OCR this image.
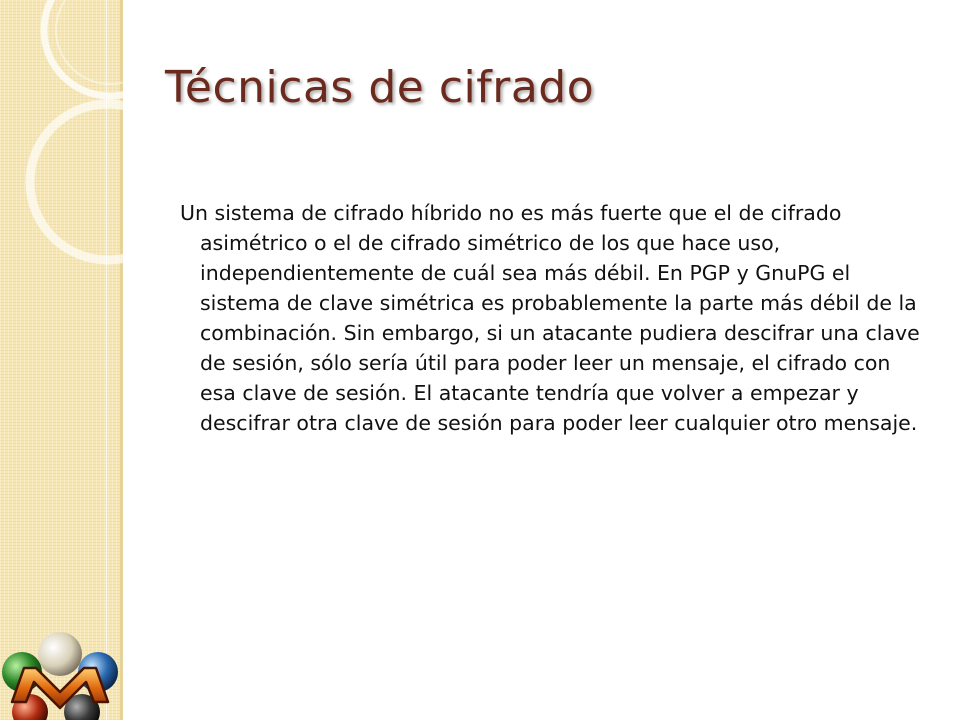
Técnicas de cifrado

Un sistema de cifrado híbrido no es más fuerte que el de cifrado asimétrico o el de cifrado simétrico de los que hace uso, independientemente de cuál sea más débil. En PGP y GnuPG el sistema de clave simétrica es probablemente la parte más débil de la combinación. Sin embargo, si un atacante pudiera descifrar una clave de sesión, sólo sería útil para poder leer un mensaje, el cifrado con esa clave de sesión. El atacante tendría que volver a empezar y descifrar otra clave de sesión para poder leer cualquier otro mensaje.
